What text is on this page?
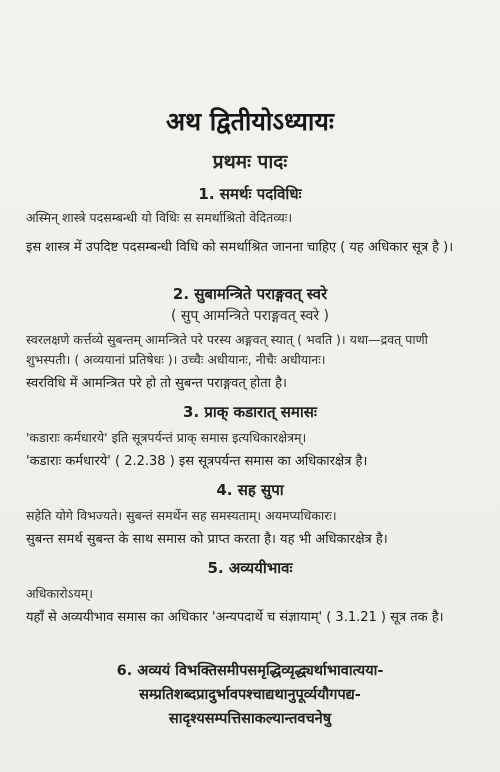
अथ द्वितीयोऽध्यायः
प्रथमः पादः
1. समर्थः पदविधिः
अस्मिन् शास्त्रे पदसम्बन्धी यो विधिः स समर्थाश्रितो वेदितव्यः।
इस शास्त्र में उपदिष्ट पदसम्बन्धी विधि को समर्थाश्रित जानना चाहिए ( यह अधिकार सूत्र है )।
2. सुबामन्त्रिते पराङ्गवत् स्वरे
( सुप् आमन्त्रिते पराङ्गवत् स्वरे )
स्वरलक्षणे कर्त्तव्ये सुबन्तम् आमन्त्रिते परे परस्य अङ्गवत् स्यात् ( भवति )। यथा—द्रवत् पाणी शुभस्पती। ( अव्ययानां प्रतिषेधः )। उच्चैः अधीयानः, नीचैः अधीयानः।
स्वरविधि में आमन्त्रित परे हो तो सुबन्त पराङ्गवत् होता है।
3. प्राक् कडारात् समासः
'कडाराः कर्मधारये' इति सूत्रपर्यन्तं प्राक् समास इत्यधिकारक्षेत्रम्।
'कडाराः कर्मधारये' ( 2.2.38 ) इस सूत्रपर्यन्त समास का अधिकारक्षेत्र है।
4. सह सुपा
सहेति योगे विभज्यते। सुबन्तं समर्थेन सह समस्यताम्। अयमप्यधिकारः।
सुबन्त समर्थ सुबन्त के साथ समास को प्राप्त करता है। यह भी अधिकारक्षेत्र है।
5. अव्ययीभावः
अधिकारोऽयम्।
यहाँ से अव्ययीभाव समास का अधिकार 'अन्यपदार्थे च संज्ञायाम्' ( 3.1.21 ) सूत्र तक है।
6. अव्ययं विभक्तिसमीपसमृद्धिव्यृद्ध्यर्थाभावात्यया-
सम्प्रतिशब्दप्रादुर्भावपश्चाद्यथानुपूर्व्ययौगपद्य-
सादृश्यसम्पत्तिसाकल्यान्तवचनेषु
